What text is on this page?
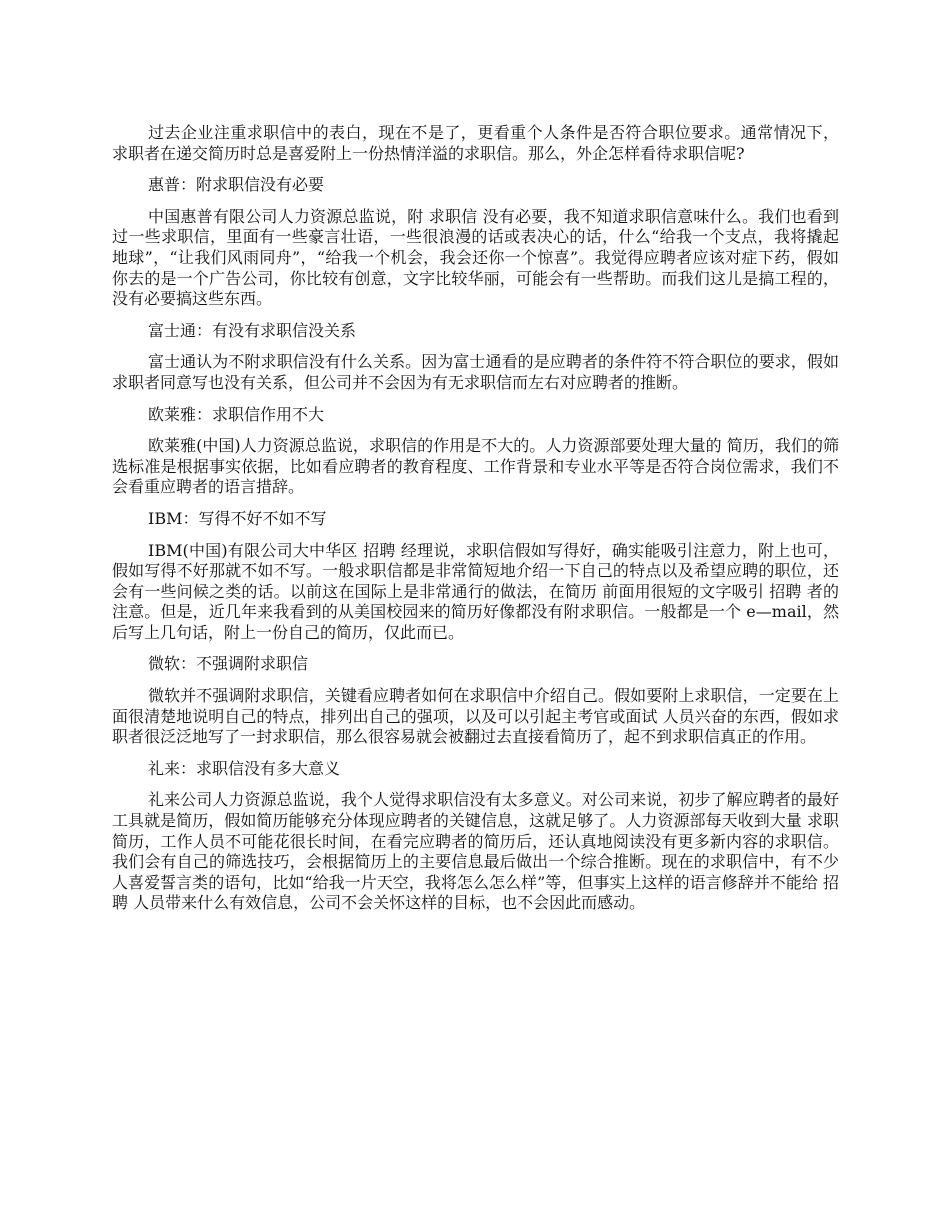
过去企业注重求职信中的表白，现在不是了，更看重个人条件是否符合职位要求。通常情况下， 求职者在递交简历时总是喜爱附上一份热情洋溢的求职信。那么，外企怎样看待求职信呢?

惠普：附求职信没有必要

中国惠普有限公司人力资源总监说，附 求职信 没有必要，我不知道求职信意味什么。我们也看到过一些求职信，里面有一些豪言壮语，一些很浪漫的话或表决心的话，什么“给我一个支点，我将撬起地球”，“让我们风雨同舟”，“给我一个机会，我会还你一个惊喜”。我觉得应聘者应该对症下药，假如你去的是一个广告公司，你比较有创意，文字比较华丽，可能会有一些帮助。而我们这儿是搞工程的，没有必要搞这些东西。

富士通：有没有求职信没关系

富士通认为不附求职信没有什么关系。因为富士通看的是应聘者的条件符不符合职位的要求，假如求职者同意写也没有关系，但公司并不会因为有无求职信而左右对应聘者的推断。

欧莱雅：求职信作用不大

欧莱雅(中国)人力资源总监说，求职信的作用是不大的。人力资源部要处理大量的 简历，我们的筛选标准是根据事实依据，比如看应聘者的教育程度、工作背景和专业水平等是否符合岗位需求，我们不会看重应聘者的语言措辞。

IBM：写得不好不如不写

IBM(中国)有限公司大中华区 招聘 经理说，求职信假如写得好，确实能吸引注意力，附上也可，假如写得不好那就不如不写。一般求职信都是非常简短地介绍一下自己的特点以及希望应聘的职位，还会有一些问候之类的话。以前这在国际上是非常通行的做法，在简历 前面用很短的文字吸引 招聘 者的注意。但是，近几年来我看到的从美国校园来的简历好像都没有附求职信。一般都是一个 e—mail，然后写上几句话，附上一份自己的简历，仅此而已。

微软：不强调附求职信

微软并不强调附求职信，关键看应聘者如何在求职信中介绍自己。假如要附上求职信，一定要在上面很清楚地说明自己的特点，排列出自己的强项，以及可以引起主考官或面试 人员兴奋的东西，假如求职者很泛泛地写了一封求职信，那么很容易就会被翻过去直接看简历了，起不到求职信真正的作用。

礼来：求职信没有多大意义

礼来公司人力资源总监说，我个人觉得求职信没有太多意义。对公司来说，初步了解应聘者的最好工具就是简历，假如简历能够充分体现应聘者的关键信息，这就足够了。人力资源部每天收到大量 求职简历，工作人员不可能花很长时间，在看完应聘者的简历后，还认真地阅读没有更多新内容的求职信。我们会有自己的筛选技巧，会根据简历上的主要信息最后做出一个综合推断。现在的求职信中，有不少人喜爱誓言类的语句，比如“给我一片天空，我将怎么怎么样”等，但事实上这样的语言修辞并不能给 招聘 人员带来什么有效信息，公司不会关怀这样的目标，也不会因此而感动。
